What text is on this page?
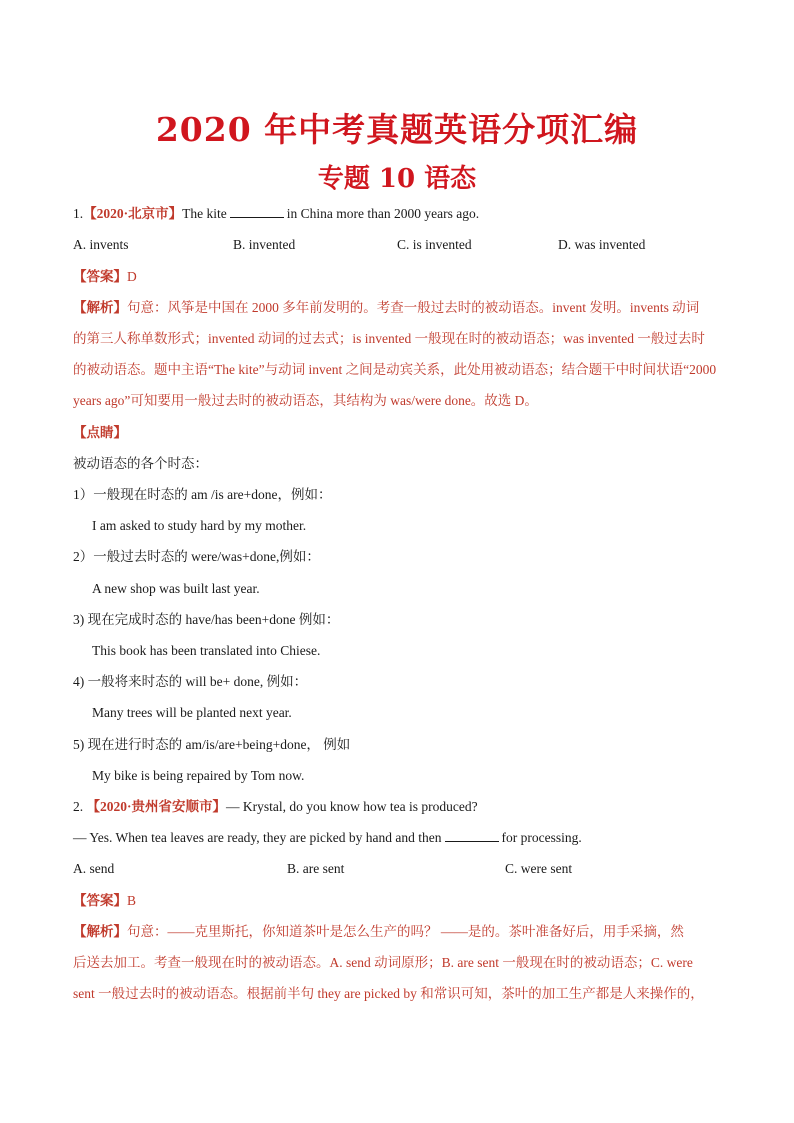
2020 年中考真题英语分项汇编
专题 10 语态
1.【2020·北京市】The kite	in China more than 2000 years ago.
A. invents	B. invented	C. is invented	D. was invented
【答案】D
【解析】句意：风筝是中国在 2000 多年前发明的。考查一般过去时的被动语态。invent 发明。invents 动词
的第三人称单数形式；invented 动词的过去式；is invented 一般现在时的被动语态；was invented 一般过去时
的被动语态。题中主语“The kite”与动词 invent 之间是动宾关系，此处用被动语态；结合题干中时间状语“2000
years ago”可知要用一般过去时的被动语态，其结构为 was/were done。故选 D。
【点睛】
被动语态的各个时态：
1）一般现在时态的 am /is are+done，例如：
I am asked to study hard by my mother.
2）一般过去时态的 were/was+done,例如：
A new shop was built last year.
3) 现在完成时态的 have/has been+done 例如：
This book has been translated into Chiese.
4) 一般将来时态的 will be+ done, 例如：
Many trees will be planted next year.
5) 现在进行时态的 am/is/are+being+done， 例如
My bike is being repaired by Tom now.
2. 【2020·贵州省安顺市】— Krystal, do you know how tea is produced?
— Yes. When tea leaves are ready, they are picked by hand and then	for processing.
A. send	B. are sent	C. were sent
【答案】B
【解析】句意：——克里斯托，你知道茶叶是怎么生产的吗？ ——是的。茶叶准备好后，用手采摘，然
后送去加工。考查一般现在时的被动语态。A. send 动词原形；B. are sent 一般现在时的被动语态；C. were
sent 一般过去时的被动语态。根据前半句 they are picked by 和常识可知，茶叶的加工生产都是人来操作的，
